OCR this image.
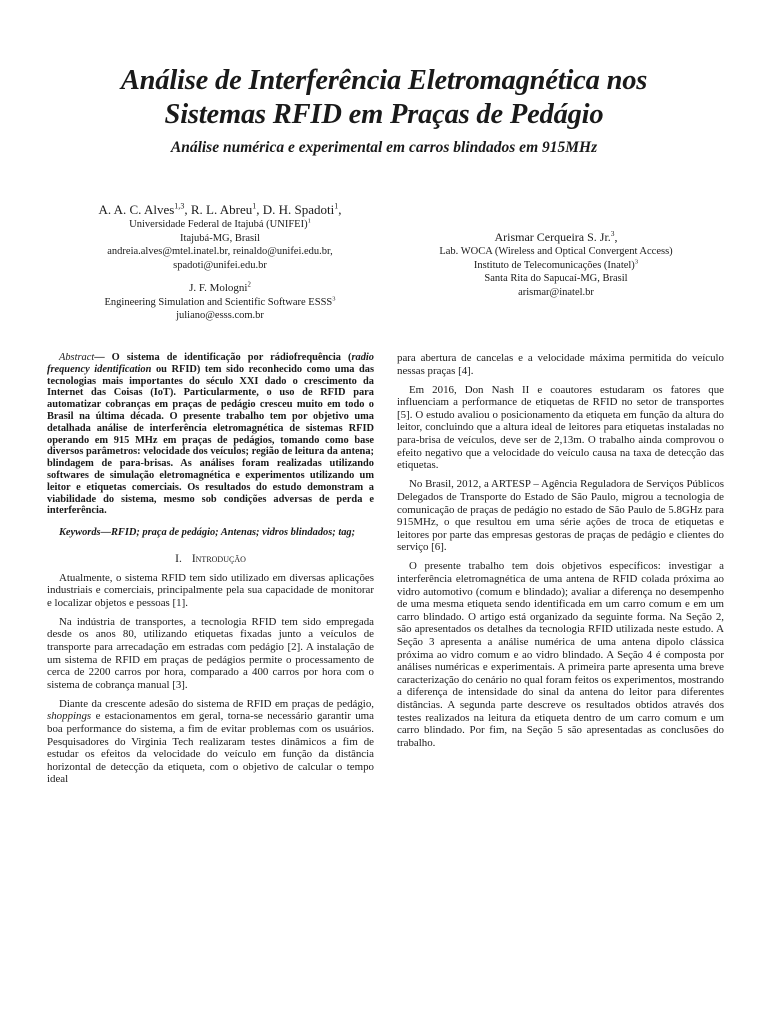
Análise de Interferência Eletromagnética nos
Sistemas RFID em Praças de Pedágio
Análise numérica e experimental em carros blindados em 915MHz
A. A. C. Alves$^{1,3}$, R. L. Abreu$^1$, D. H. Spadoti$^1$,
Universidade Federal de Itajubá (UNIFEI)$^1$
Itajubá-MG, Brasil
andreia.alves@mtel.inatel.br, reinaldo@unifei.edu.br,
spadoti@unifei.edu.br
J. F. Mologni$^2$
Engineering Simulation and Scientific Software ESSS$^3$
juliano@esss.com.br
Arismar Cerqueira S. Jr.$^3$,
Lab. WOCA (Wireless and Optical Convergent Access)
Instituto de Telecomunicações (Inatel)$^3$
Santa Rita do Sapucaí-MG, Brasil
arismar@inatel.br

Abstract— O sistema de identificação por rádiofrequência (radio frequency identification ou RFID) tem sido reconhecido como uma das tecnologias mais importantes do século XXI dado o crescimento da Internet das Coisas (IoT). Particularmente, o uso de RFID para automatizar cobranças em praças de pedágio cresceu muito em todo o Brasil na última década. O presente trabalho tem por objetivo uma detalhada análise de interferência eletromagnética de sistemas RFID operando em 915 MHz em praças de pedágios, tomando como base diversos parâmetros: velocidade dos veículos; região de leitura da antena; blindagem de para-brisas. As análises foram realizadas utilizando softwares de simulação eletromagnética e experimentos utilizando um leitor e etiquetas comerciais. Os resultados do estudo demonstram a viabilidade do sistema, mesmo sob condições adversas de perda e interferência.

Keywords—RFID; praça de pedágio; Antenas; vidros blindados; tag;

I. Introdução

Atualmente, o sistema RFID tem sido utilizado em diversas aplicações industriais e comerciais, principalmente pela sua capacidade de monitorar e localizar objetos e pessoas [1].

Na indústria de transportes, a tecnologia RFID tem sido empregada desde os anos 80, utilizando etiquetas fixadas junto a veículos de transporte para arrecadação em estradas com pedágio [2]. A instalação de um sistema de RFID em praças de pedágios permite o processamento de cerca de 2200 carros por hora, comparado a 400 carros por hora com o sistema de cobrança manual [3].

Diante da crescente adesão do sistema de RFID em praças de pedágio, shoppings e estacionamentos em geral, torna-se necessário garantir uma boa performance do sistema, a fim de evitar problemas com os usuários. Pesquisadores do Virginia Tech realizaram testes dinâmicos a fim de estudar os efeitos da velocidade do veículo em função da distância horizontal de detecção da etiqueta, com o objetivo de calcular o tempo ideal

para abertura de cancelas e a velocidade máxima permitida do veículo nessas praças [4].

Em 2016, Don Nash II e coautores estudaram os fatores que influenciam a performance de etiquetas de RFID no setor de transportes [5]. O estudo avaliou o posicionamento da etiqueta em função da altura do leitor, concluindo que a altura ideal de leitores para etiquetas instaladas no para-brisa de veículos, deve ser de 2,13m. O trabalho ainda comprovou o efeito negativo que a velocidade do veículo causa na taxa de detecção das etiquetas.

No Brasil, 2012, a ARTESP – Agência Reguladora de Serviços Públicos Delegados de Transporte do Estado de São Paulo, migrou a tecnologia de comunicação de praças de pedágio no estado de São Paulo de 5.8GHz para 915MHz, o que resultou em uma série ações de troca de etiquetas e leitores por parte das empresas gestoras de praças de pedágio e clientes do serviço [6].

O presente trabalho tem dois objetivos específicos: investigar a interferência eletromagnética de uma antena de RFID colada próxima ao vidro automotivo (comum e blindado); avaliar a diferença no desempenho de uma mesma etiqueta sendo identificada em um carro comum e em um carro blindado. O artigo está organizado da seguinte forma. Na Seção 2, são apresentados os detalhes da tecnologia RFID utilizada neste estudo. A Seção 3 apresenta a análise numérica de uma antena dipolo clássica próxima ao vidro comum e ao vidro blindado. A Seção 4 é composta por análises numéricas e experimentais. A primeira parte apresenta uma breve caracterização do cenário no qual foram feitos os experimentos, mostrando a diferença de intensidade do sinal da antena do leitor para diferentes distâncias. A segunda parte descreve os resultados obtidos através dos testes realizados na leitura da etiqueta dentro de um carro comum e um carro blindado. Por fim, na Seção 5 são apresentadas as conclusões do trabalho.
